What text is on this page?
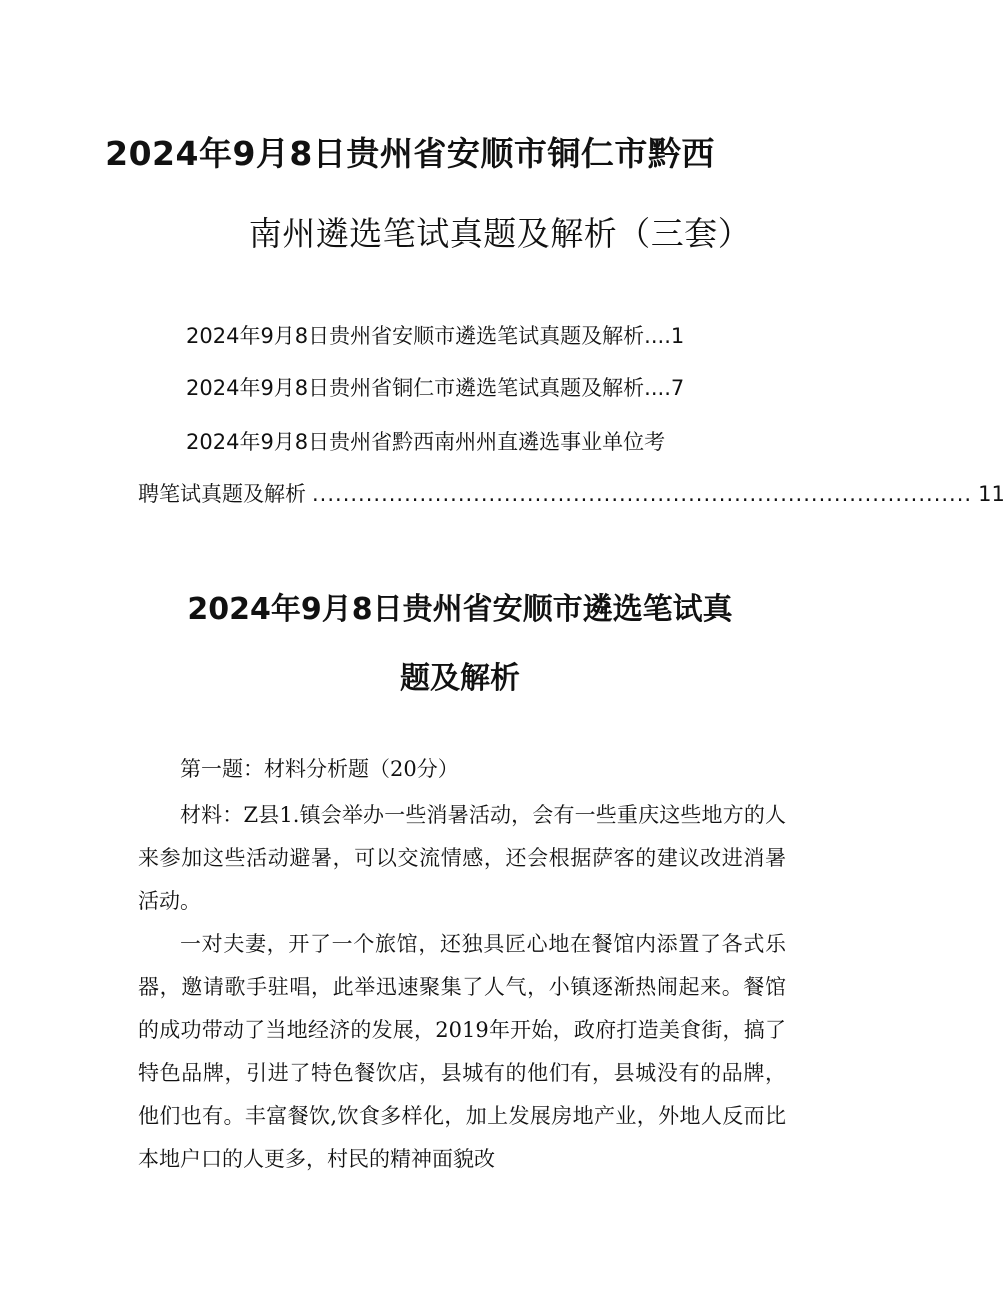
2024年9月8日贵州省安顺市铜仁市黔西
南州遴选笔试真题及解析（三套）
2024年9月8日贵州省安顺市遴选笔试真题及解析....1
2024年9月8日贵州省铜仁市遴选笔试真题及解析....7
2024年9月8日贵州省黔西南州州直遴选事业单位考
聘笔试真题及解析 ...................................................................................... 11
2024年9月8日贵州省安顺市遴选笔试真
题及解析

第一题：材料分析题（20分）

材料：Z县1.镇会举办一些消暑活动，会有一些重庆这些地方的人来参加这些活动避暑，可以交流情感，还会根据萨客的建议改进消暑活动。

一对夫妻，开了一个旅馆，还独具匠心地在餐馆内添置了各式乐器，邀请歌手驻唱，此举迅速聚集了人气，小镇逐渐热闹起来。餐馆的成功带动了当地经济的发展，2019年开始，政府打造美食街，搞了特色品牌，引进了特色餐饮店，县城有的他们有，县城没有的品牌，他们也有。丰富餐饮,饮食多样化，加上发展房地产业，外地人反而比本地户口的人更多，村民的精神面貌改
